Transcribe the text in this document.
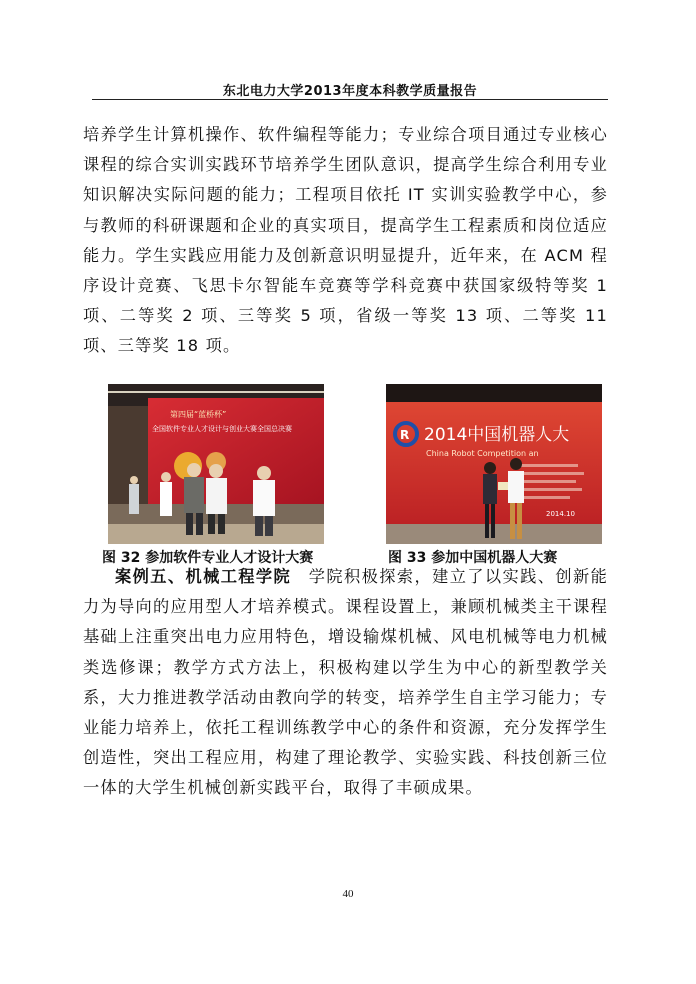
东北电力大学2013年度本科教学质量报告
培养学生计算机操作、软件编程等能力；专业综合项目通过专业核心课程的综合实训实践环节培养学生团队意识，提高学生综合利用专业知识解决实际问题的能力；工程项目依托 IT 实训实验教学中心，参与教师的科研课题和企业的真实项目，提高学生工程素质和岗位适应能力。学生实践应用能力及创新意识明显提升，近年来，在 ACM 程序设计竞赛、飞思卡尔智能车竞赛等学科竞赛中获国家级特等奖 1 项、二等奖 2 项、三等奖 5 项，省级一等奖 13 项、二等奖 11 项、三等奖 18 项。
第四届“蓝桥杯”
全国软件专业人才设计与创业大赛全国总决赛	R 2014中国机器人大
China Robot Competition an
2014.10
图 32 参加软件专业人才设计大赛	图 33 参加中国机器人大赛
案例五、机械工程学院　学院积极探索，建立了以实践、创新能力为导向的应用型人才培养模式。课程设置上，兼顾机械类主干课程基础上注重突出电力应用特色，增设输煤机械、风电机械等电力机械类选修课；教学方式方法上，积极构建以学生为中心的新型教学关系，大力推进教学活动由教向学的转变，培养学生自主学习能力；专业能力培养上，依托工程训练教学中心的条件和资源，充分发挥学生创造性，突出工程应用，构建了理论教学、实验实践、科技创新三位一体的大学生机械创新实践平台，取得了丰硕成果。
40
